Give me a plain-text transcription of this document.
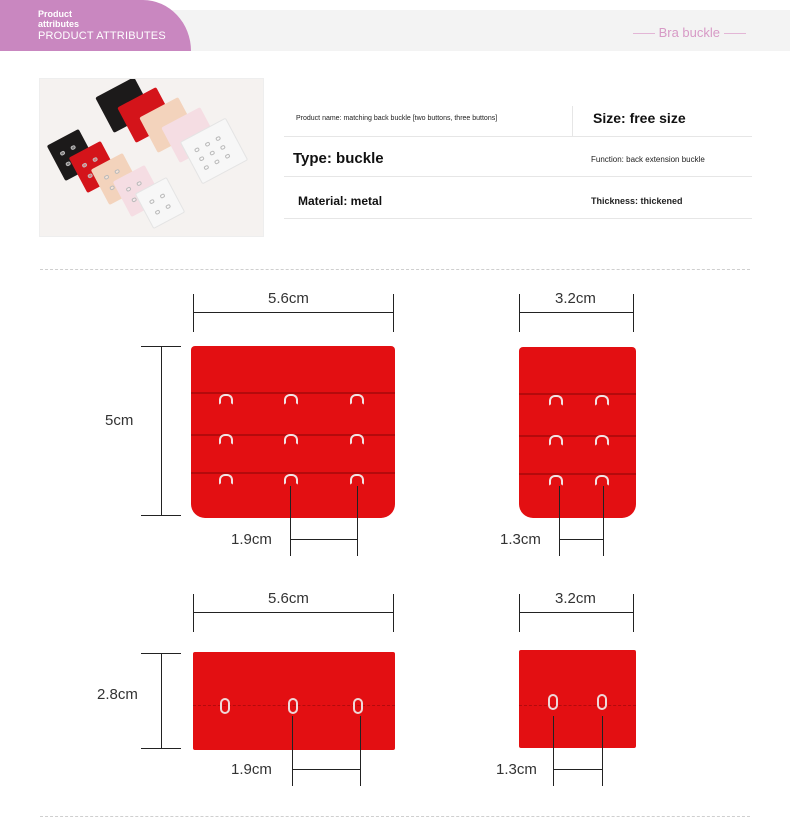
Product
attributes
PRODUCT ATTRIBUTES	Bra buckle
Product name: matching back buckle [two buttons, three buttons]	Size: free size
Type: buckle	Function: back extension buckle
Material: metal	Thickness: thickened
5.6cm
5cm
1.9cm
3.2cm
1.3cm
5.6cm
2.8cm
1.9cm
3.2cm
1.3cm
